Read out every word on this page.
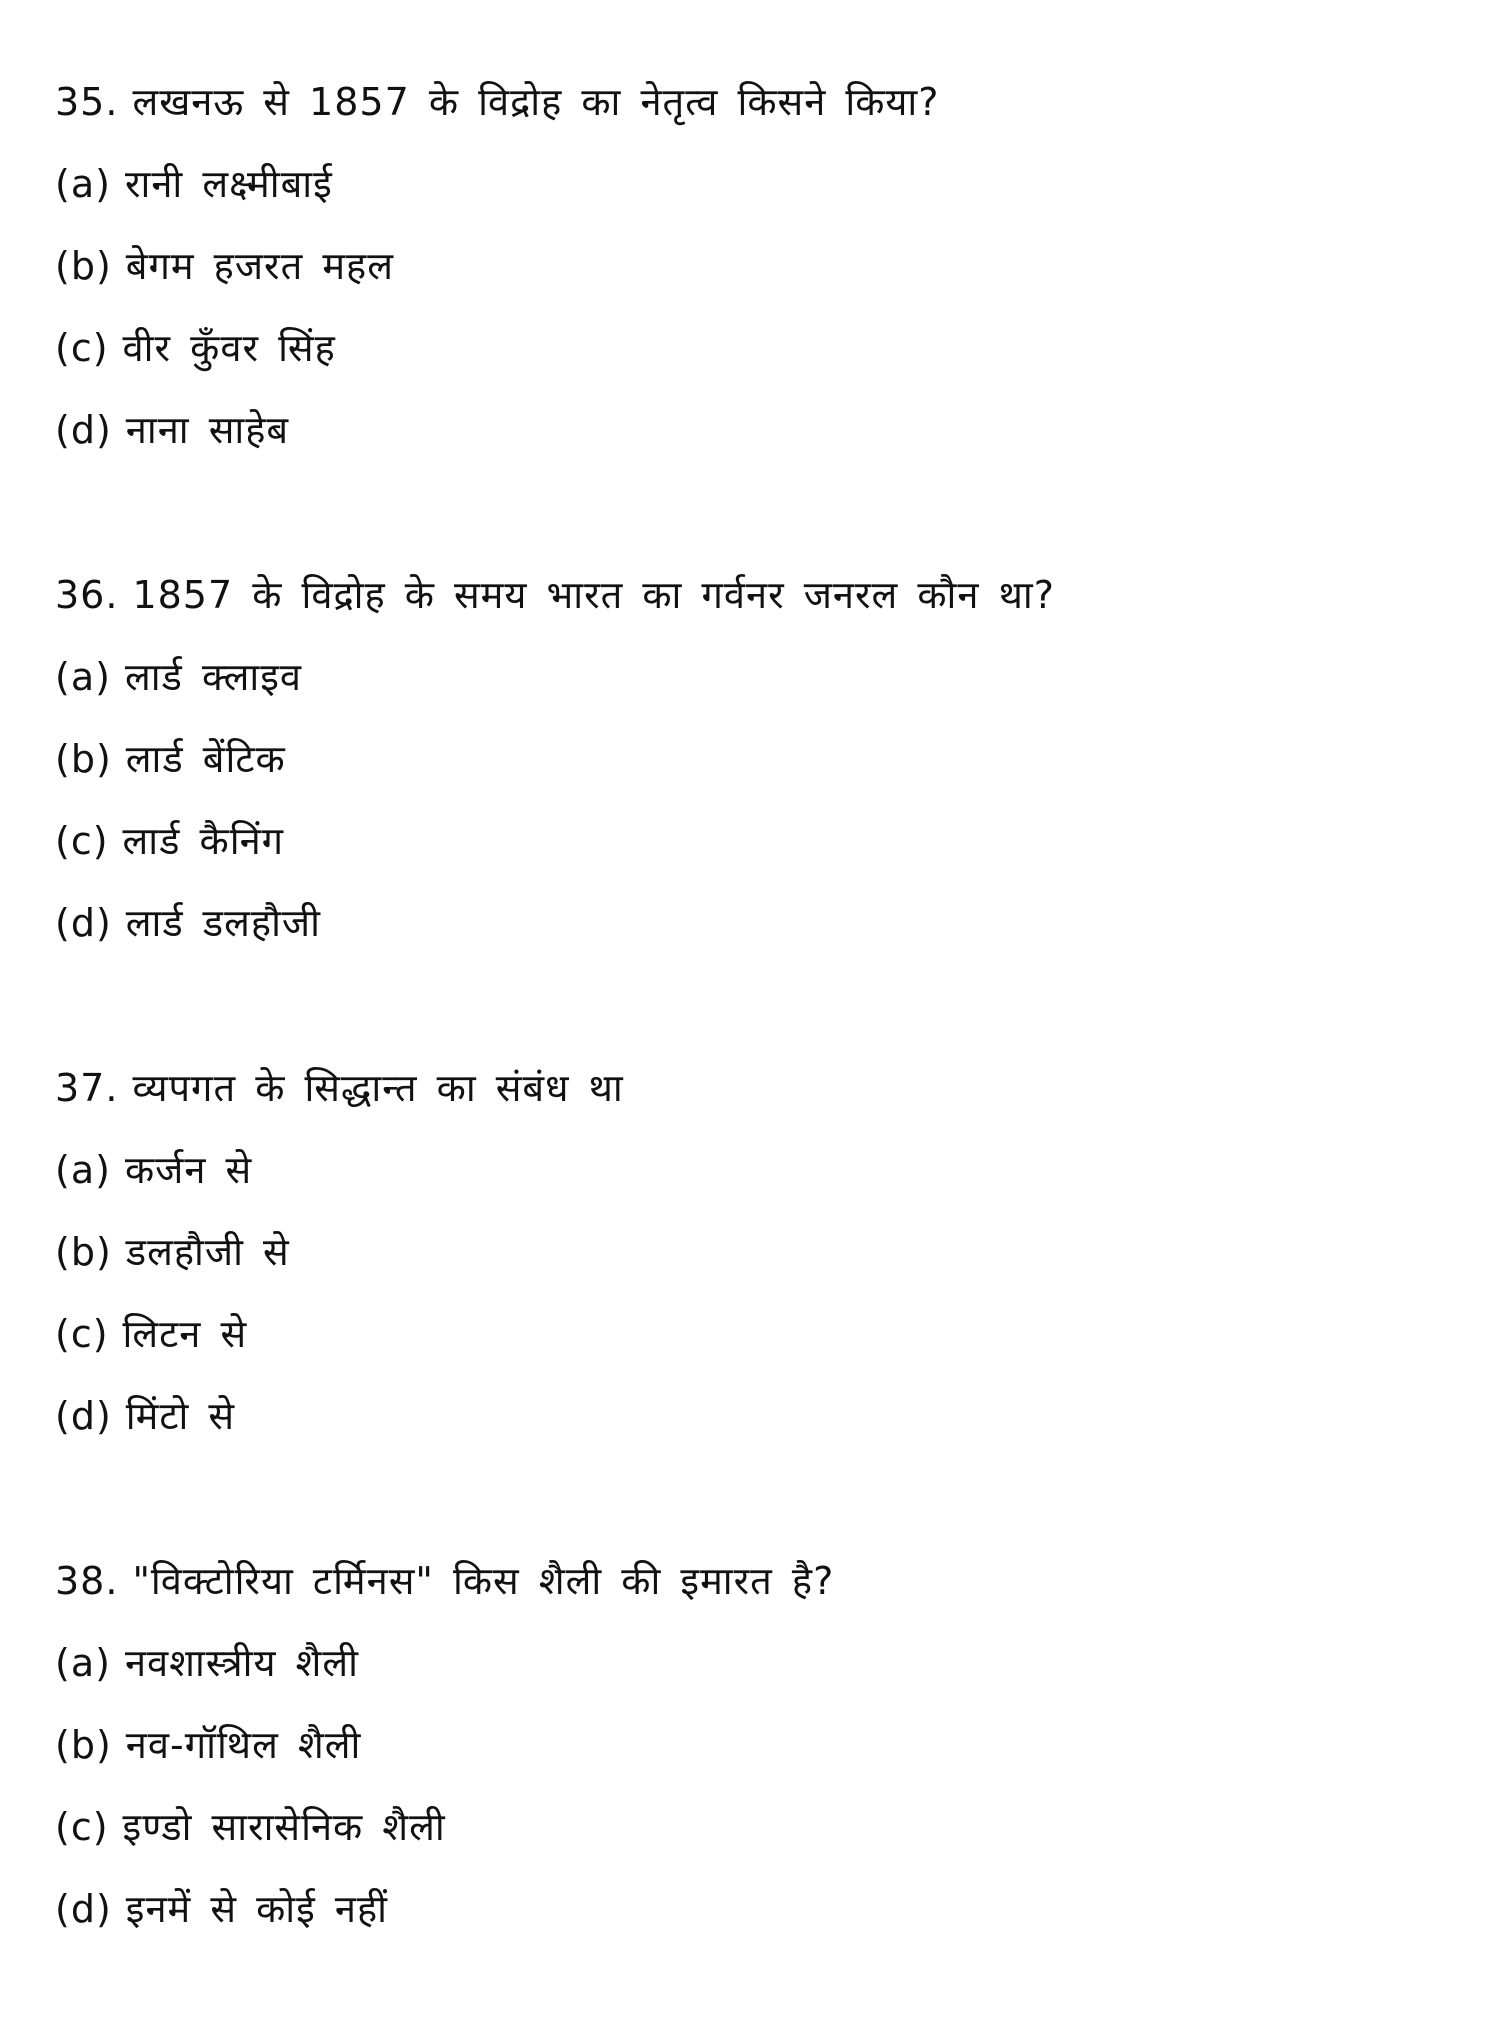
35. लखनऊ से 1857 के विद्रोह का नेतृत्व किसने किया?
(a) रानी लक्ष्मीबाई
(b) बेगम हजरत महल
(c) वीर कुँवर सिंह
(d) नाना साहेब
36. 1857 के विद्रोह के समय भारत का गर्वनर जनरल कौन था?
(a) लार्ड क्लाइव
(b) लार्ड बेंटिक
(c) लार्ड कैनिंग
(d) लार्ड डलहौजी
37. व्यपगत के सिद्धान्त का संबंध था
(a) कर्जन से
(b) डलहौजी से
(c) लिटन से
(d) मिंटो से
38. "विक्टोरिया टर्मिनस" किस शैली की इमारत है?
(a) नवशास्त्रीय शैली
(b) नव-गॉथिल शैली
(c) इण्डो सारासेनिक शैली
(d) इनमें से कोई नहीं
